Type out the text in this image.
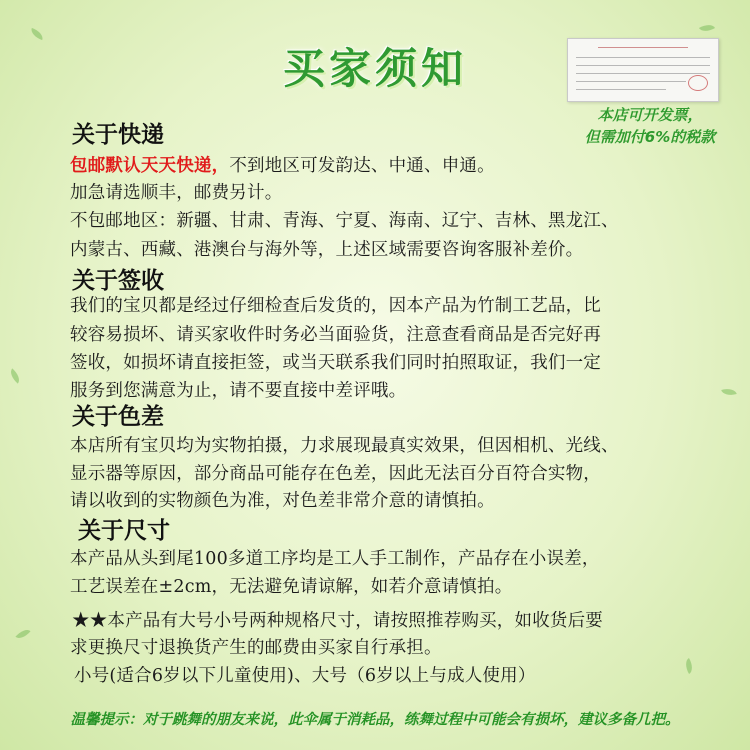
买家须知
本店可开发票，
但需加付6%的税款
关于快递
包邮默认天天快递，不到地区可发韵达、中通、申通。
加急请选顺丰，邮费另计。
不包邮地区：新疆、甘肃、青海、宁夏、海南、辽宁、吉林、黑龙江、
内蒙古、西藏、港澳台与海外等，上述区域需要咨询客服补差价。
关于签收
我们的宝贝都是经过仔细检查后发货的，因本产品为竹制工艺品，比
较容易损坏、请买家收件时务必当面验货，注意查看商品是否完好再
签收，如损坏请直接拒签，或当天联系我们同时拍照取证，我们一定
服务到您满意为止，请不要直接中差评哦。
关于色差
本店所有宝贝均为实物拍摄，力求展现最真实效果，但因相机、光线、
显示器等原因，部分商品可能存在色差，因此无法百分百符合实物，
请以收到的实物颜色为准，对色差非常介意的请慎拍。
关于尺寸
本产品从头到尾100多道工序均是工人手工制作，产品存在小误差，
工艺误差在±2cm，无法避免请谅解，如若介意请慎拍。
★★本产品有大号小号两种规格尺寸，请按照推荐购买，如收货后要
求更换尺寸退换货产生的邮费由买家自行承担。
小号(适合6岁以下儿童使用)、大号（6岁以上与成人使用）
温馨提示：对于跳舞的朋友来说，此伞属于消耗品，练舞过程中可能会有损坏，建议多备几把。
